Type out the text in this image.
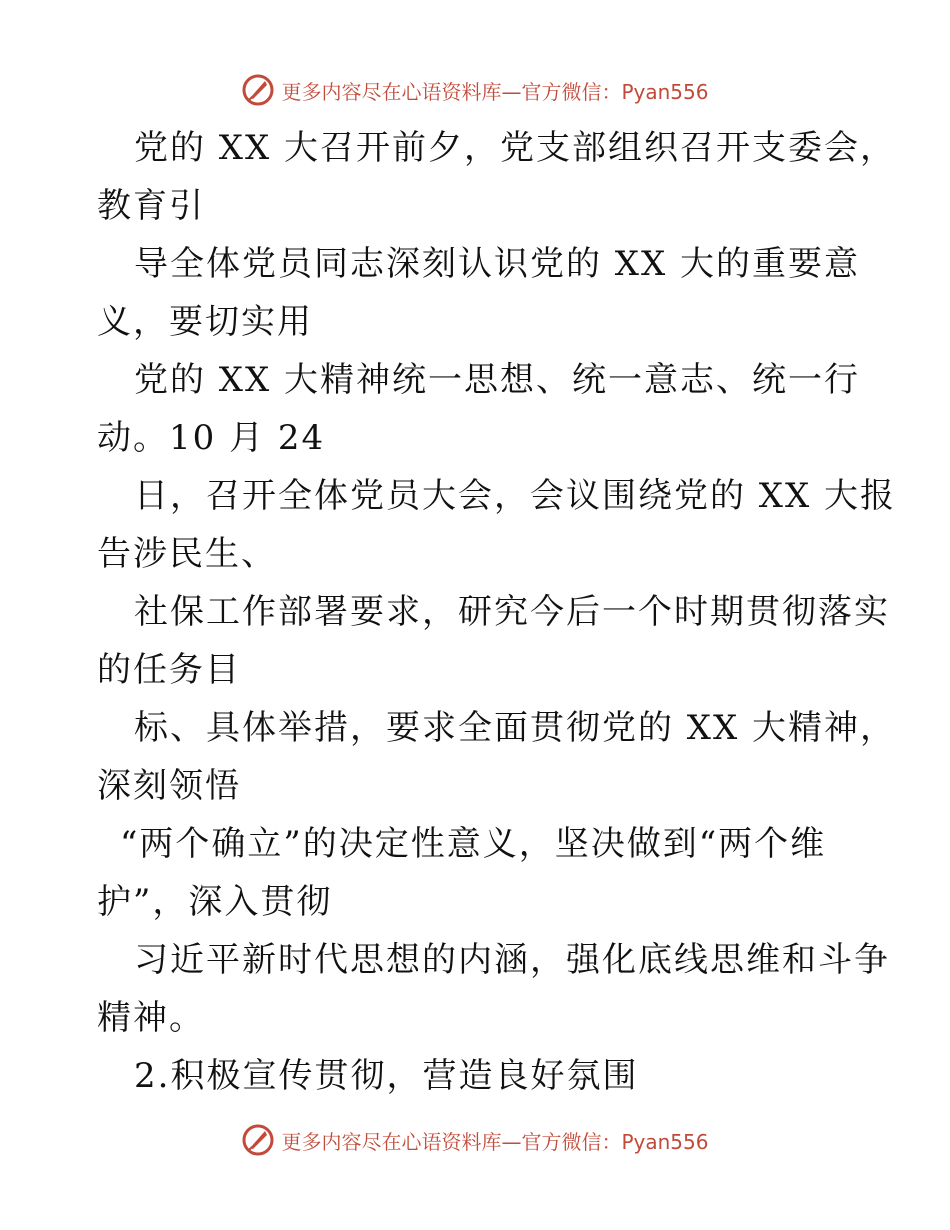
更多内容尽在心语资料库—官方微信：Pyan556
党的 XX 大召开前夕，党支部组织召开支委会，
教育引
导全体党员同志深刻认识党的 XX 大的重要意
义，要切实用
党的 XX 大精神统一思想、统一意志、统一行
动。10 月 24
日，召开全体党员大会，会议围绕党的 XX 大报
告涉民生、
社保工作部署要求，研究今后一个时期贯彻落实
的任务目
标、具体举措，要求全面贯彻党的 XX 大精神，
深刻领悟
“两个确立”的决定性意义，坚决做到“两个维
护”，深入贯彻
习近平新时代思想的内涵，强化底线思维和斗争
精神。
2.积极宣传贯彻，营造良好氛围
更多内容尽在心语资料库—官方微信：Pyan556
